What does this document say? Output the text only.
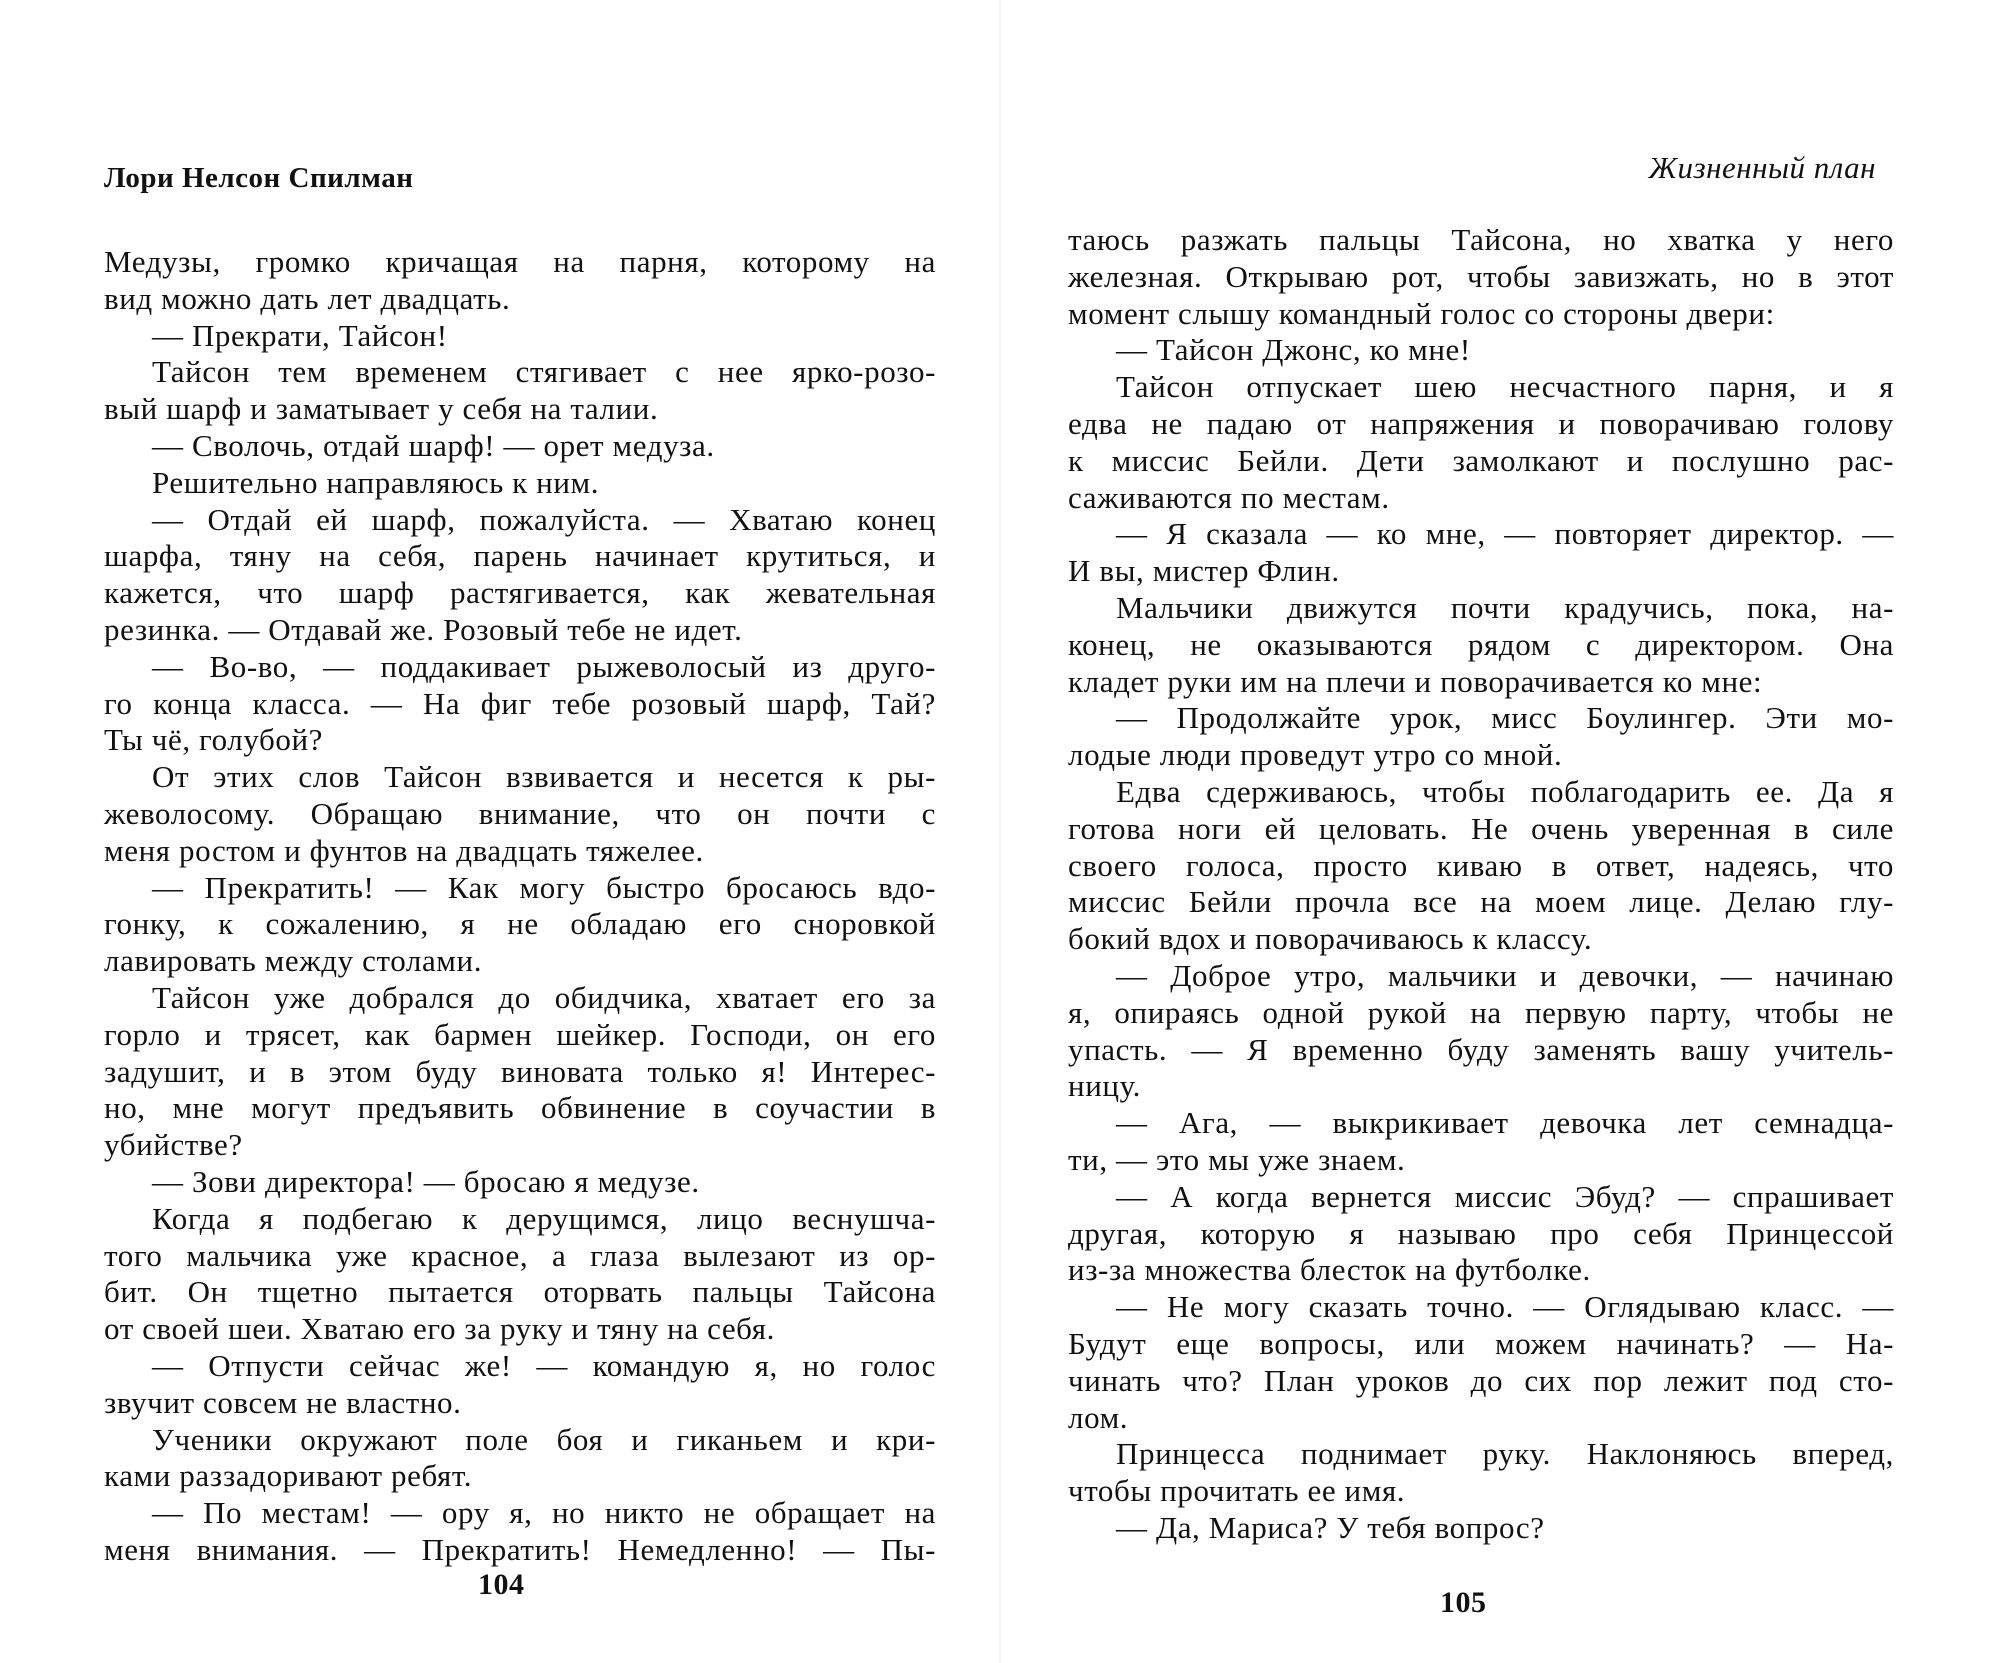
Лори Нелсон Спилман
Медузы, громко кричащая на парня, которому на
вид можно дать лет двадцать.
— Прекрати, Тайсон!
Тайсон тем временем стягивает с нее ярко-розо-
вый шарф и заматывает у себя на талии.
— Сволочь, отдай шарф! — орет медуза.
Решительно направляюсь к ним.
— Отдай ей шарф, пожалуйста. — Хватаю конец
шарфа, тяну на себя, парень начинает крутиться, и
кажется, что шарф растягивается, как жевательная
резинка. — Отдавай же. Розовый тебе не идет.
— Во-во, — поддакивает рыжеволосый из друго-
го конца класса. — На фиг тебе розовый шарф, Тай?
Ты чё, голубой?
От этих слов Тайсон взвивается и несется к ры-
жеволосому. Обращаю внимание, что он почти с
меня ростом и фунтов на двадцать тяжелее.
— Прекратить! — Как могу быстро бросаюсь вдо-
гонку, к сожалению, я не обладаю его сноровкой
лавировать между столами.
Тайсон уже добрался до обидчика, хватает его за
горло и трясет, как бармен шейкер. Господи, он его
задушит, и в этом буду виновата только я! Интерес-
но, мне могут предъявить обвинение в соучастии в
убийстве?
— Зови директора! — бросаю я медузе.
Когда я подбегаю к дерущимся, лицо веснушча-
того мальчика уже красное, а глаза вылезают из ор-
бит. Он тщетно пытается оторвать пальцы Тайсона
от своей шеи. Хватаю его за руку и тяну на себя.
— Отпусти сейчас же! — командую я, но голос
звучит совсем не властно.
Ученики окружают поле боя и гиканьем и кри-
ками раззадоривают ребят.
— По местам! — ору я, но никто не обращает на
меня внимания. — Прекратить! Немедленно! — Пы-
104
Жизненный план
таюсь разжать пальцы Тайсона, но хватка у него
железная. Открываю рот, чтобы завизжать, но в этот
момент слышу командный голос со стороны двери:
— Тайсон Джонс, ко мне!
Тайсон отпускает шею несчастного парня, и я
едва не падаю от напряжения и поворачиваю голову
к миссис Бейли. Дети замолкают и послушно рас-
саживаются по местам.
— Я сказала — ко мне, — повторяет директор. —
И вы, мистер Флин.
Мальчики движутся почти крадучись, пока, на-
конец, не оказываются рядом с директором. Она
кладет руки им на плечи и поворачивается ко мне:
— Продолжайте урок, мисс Боулингер. Эти мо-
лодые люди проведут утро со мной.
Едва сдерживаюсь, чтобы поблагодарить ее. Да я
готова ноги ей целовать. Не очень уверенная в силе
своего голоса, просто киваю в ответ, надеясь, что
миссис Бейли прочла все на моем лице. Делаю глу-
бокий вдох и поворачиваюсь к классу.
— Доброе утро, мальчики и девочки, — начинаю
я, опираясь одной рукой на первую парту, чтобы не
упасть. — Я временно буду заменять вашу учитель-
ницу.
— Ага, — выкрикивает девочка лет семнадца-
ти, — это мы уже знаем.
— А когда вернется миссис Эбуд? — спрашивает
другая, которую я называю про себя Принцессой
из-за множества блесток на футболке.
— Не могу сказать точно. — Оглядываю класс. —
Будут еще вопросы, или можем начинать? — На-
чинать что? План уроков до сих пор лежит под сто-
лом.
Принцесса поднимает руку. Наклоняюсь вперед,
чтобы прочитать ее имя.
— Да, Мариса? У тебя вопрос?
105
